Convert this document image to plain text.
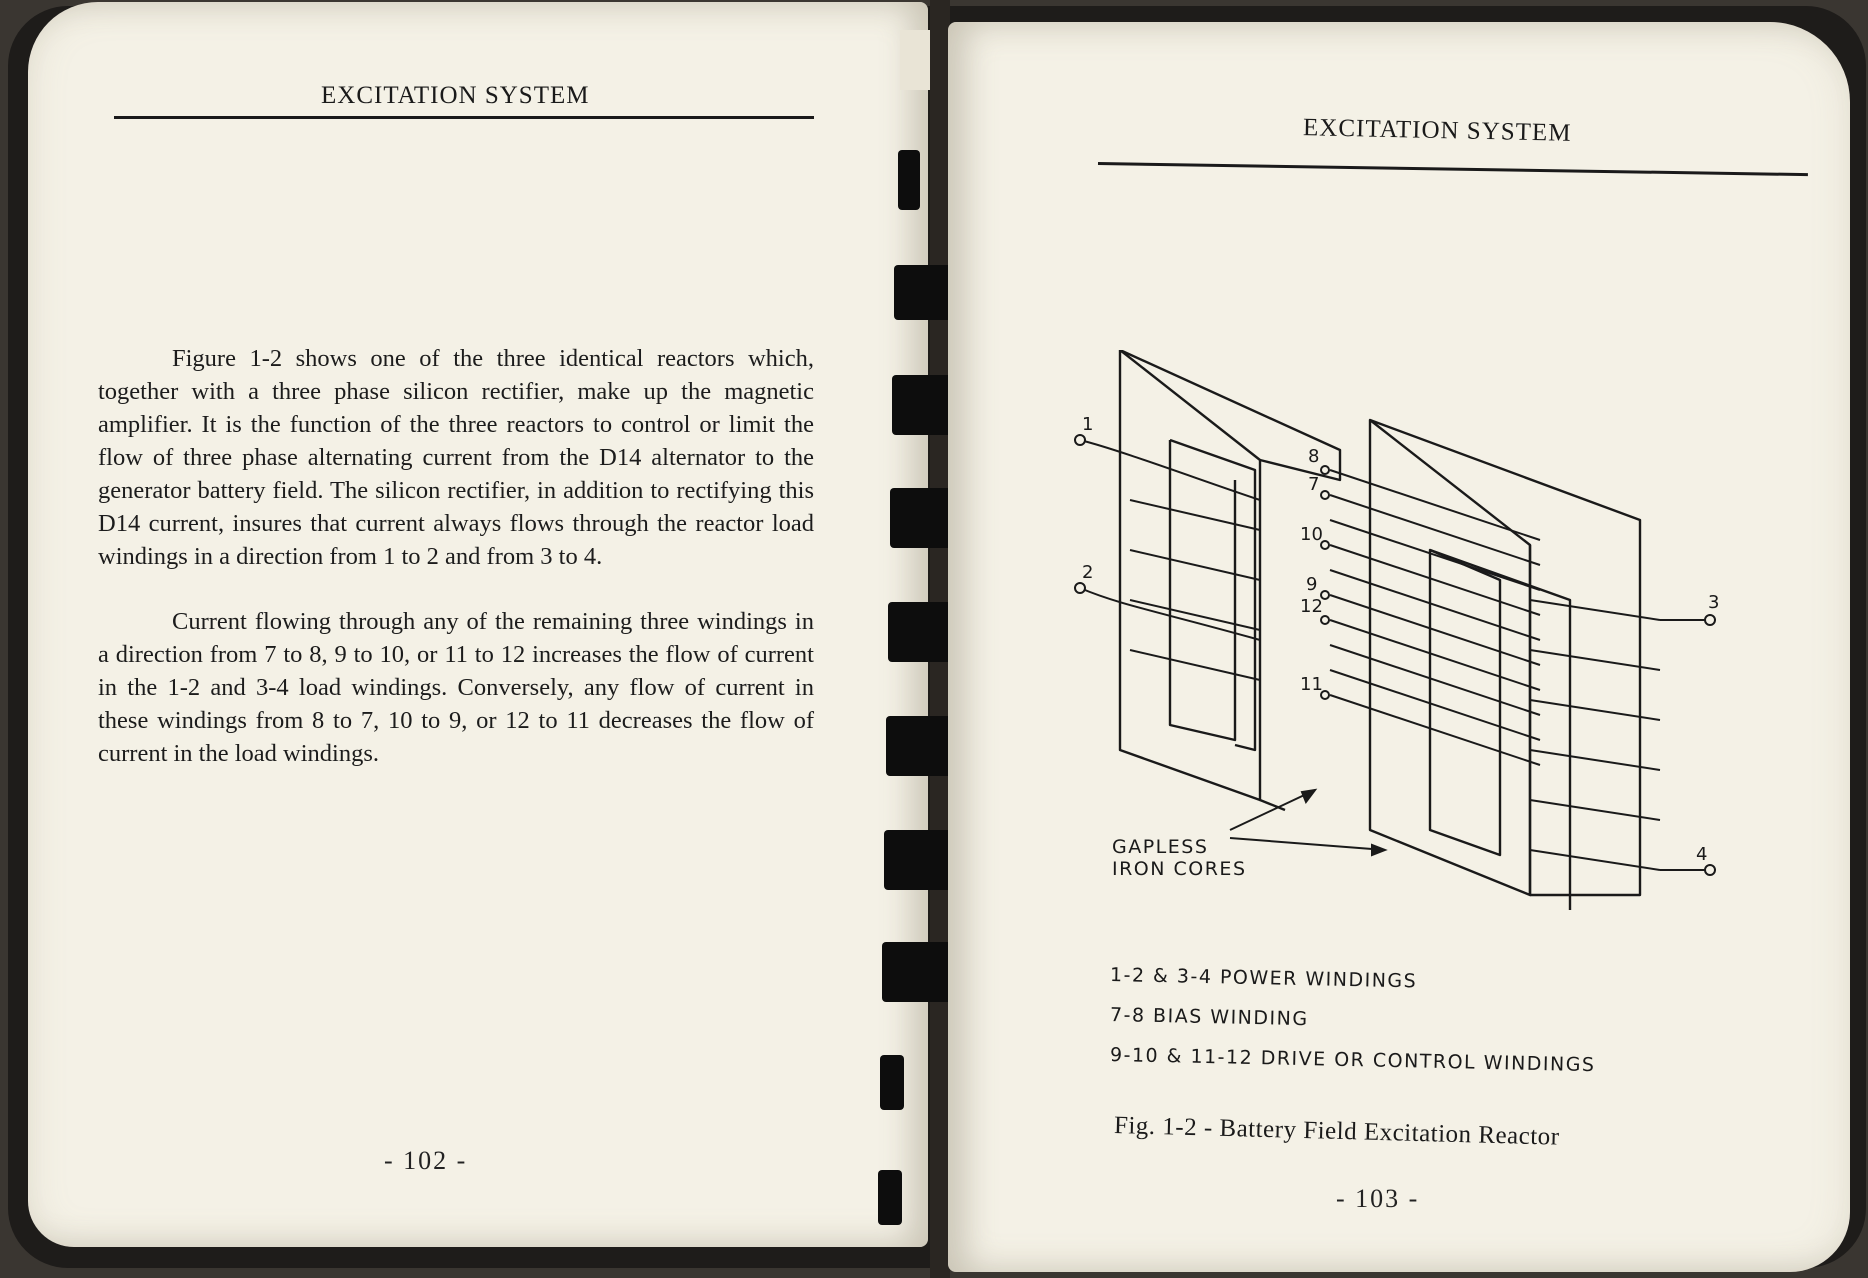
EXCITATION SYSTEM

Figure 1-2 shows one of the three identical reactors which, together with a three phase silicon rectifier, make up the magnetic amplifier. It is the function of the three reactors to control or limit the flow of three phase alternating current from the D14 alternator to the generator battery field. The silicon rectifier, in addition to rectifying this D14 current, insures that current always flows through the reactor load windings in a direction from 1 to 2 and from 3 to 4.

Current flowing through any of the remaining three windings in a direction from 7 to 8, 9 to 10, or 11 to 12 increases the flow of current in the 1-2 and 3-4 load windings. Conversely, any flow of current in these windings from 8 to 7, 10 to 9, or 12 to 11 decreases the flow of current in the load windings.

- 102 -
EXCITATION SYSTEM
GAPLESS
IRON CORES
1-2 & 3-4 POWER WINDINGS
7-8 BIAS WINDING
9-10 & 11-12 DRIVE OR CONTROL WINDINGS
Fig. 1-2 - Battery Field Excitation Reactor
- 103 -
1
2
3
4
8
7
10
9
12
11
